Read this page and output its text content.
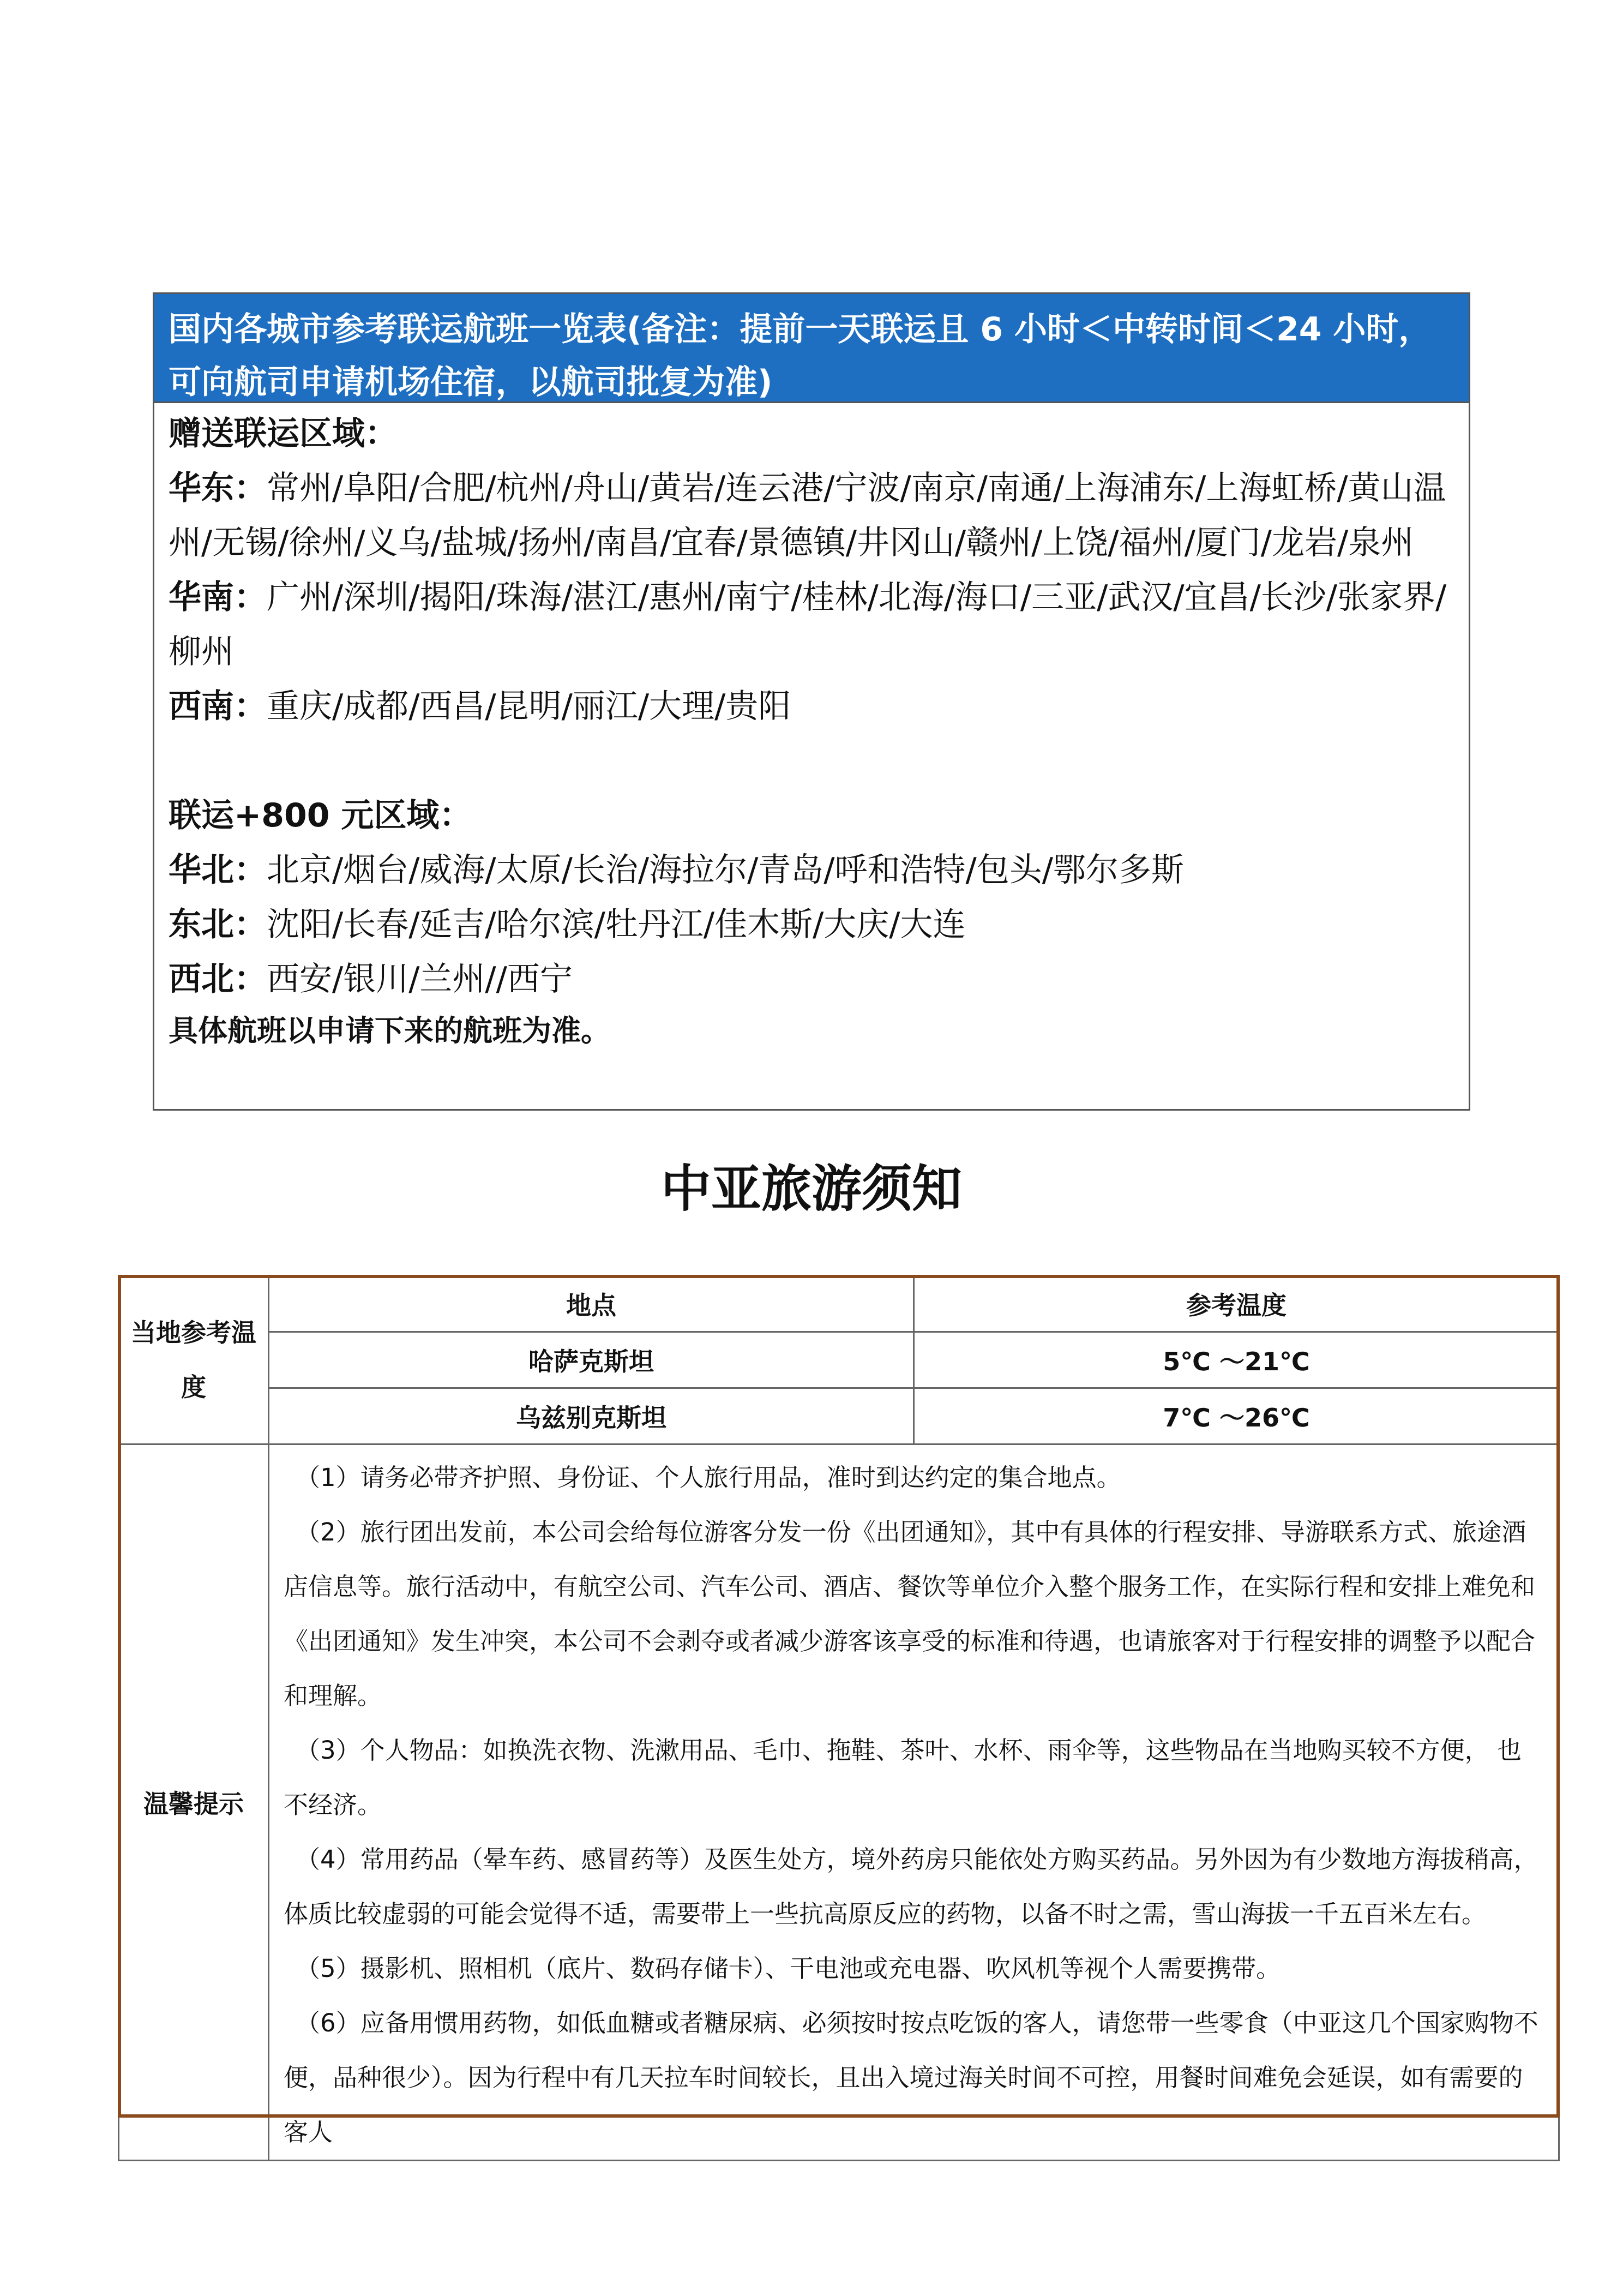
国内各城市参考联运航班一览表(备注：提前一天联运且 6 小时＜中转时间＜24 小时，可向航司申请机场住宿，以航司批复为准)

赠送联运区域：

华东：常州/阜阳/合肥/杭州/舟山/黄岩/连云港/宁波/南京/南通/上海浦东/上海虹桥/黄山温州/无锡/徐州/义乌/盐城/扬州/南昌/宜春/景德镇/井冈山/赣州/上饶/福州/厦门/龙岩/泉州

华南：广州/深圳/揭阳/珠海/湛江/惠州/南宁/桂林/北海/海口/三亚/武汉/宜昌/长沙/张家界/柳州

西南：重庆/成都/西昌/昆明/丽江/大理/贵阳

联运+800 元区域：

华北：北京/烟台/威海/太原/长治/海拉尔/青岛/呼和浩特/包头/鄂尔多斯

东北：沈阳/长春/延吉/哈尔滨/牡丹江/佳木斯/大庆/大连

西北：西安/银川/兰州//西宁

具体航班以申请下来的航班为准。

中亚旅游须知
当地参考温度	地点	参考温度
	哈萨克斯坦	5℃ ～21℃
	乌兹别克斯坦	7℃ ～26℃
温馨提示	

（1）请务必带齐护照、身份证、个人旅行用品，准时到达约定的集合地点。

（2）旅行团出发前，本公司会给每位游客分发一份《出团通知》，其中有具体的行程安排、导游联系方式、旅途酒店信息等。旅行活动中，有航空公司、汽车公司、酒店、餐饮等单位介入整个服务工作，在实际行程和安排上难免和《出团通知》发生冲突，本公司不会剥夺或者减少游客该享受的标准和待遇，也请旅客对于行程安排的调整予以配合和理解。

（3）个人物品：如换洗衣物、洗漱用品、毛巾、拖鞋、茶叶、水杯、雨伞等，这些物品在当地购买较不方便， 也不经济。

（4）常用药品（晕车药、感冒药等）及医生处方，境外药房只能依处方购买药品。另外因为有少数地方海拔稍高，体质比较虚弱的可能会觉得不适，需要带上一些抗高原反应的药物，以备不时之需，雪山海拔一千五百米左右。

（5）摄影机、照相机（底片、数码存储卡）、干电池或充电器、吹风机等视个人需要携带。

（6）应备用惯用药物，如低血糖或者糖尿病、必须按时按点吃饭的客人，请您带一些零食（中亚这几个国家购物不便，品种很少）。因为行程中有几天拉车时间较长，且出入境过海关时间不可控，用餐时间难免会延误，如有需要的客人
